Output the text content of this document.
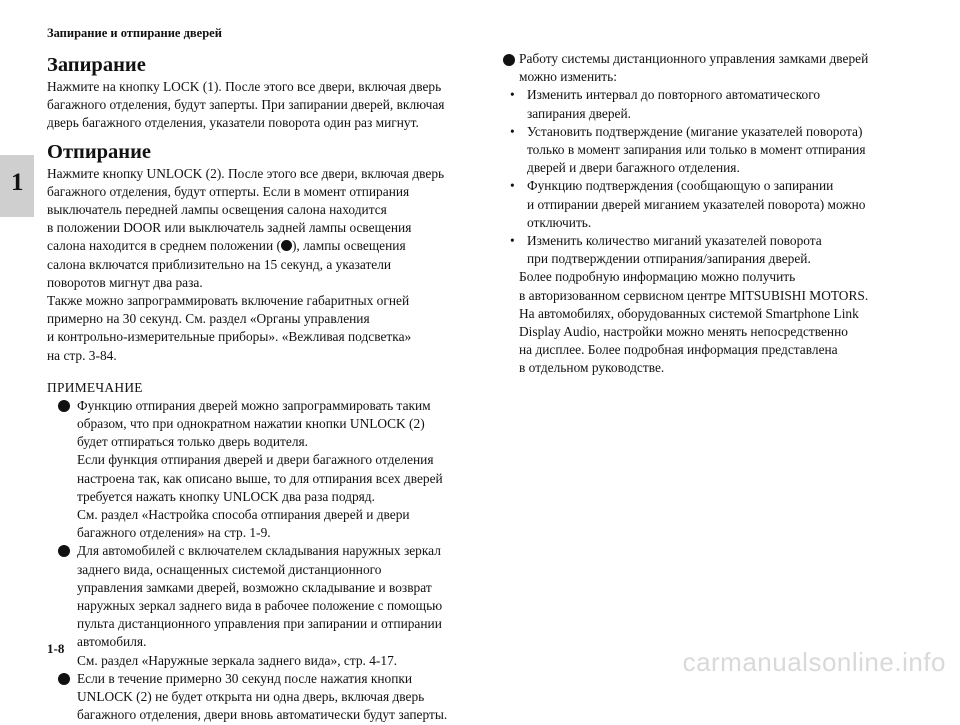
Запирание и отпирание дверей
1
Запирание

Нажмите на кнопку LOCK (1). После этого все двери, включая дверь
багажного отделения, будут заперты. При запирании дверей, включая
дверь багажного отделения, указатели поворота один раз мигнут.

Отпирание

Нажмите кнопку UNLOCK (2). После этого все двери, включая дверь
багажного отделения, будут отперты. Если в момент отпирания
выключатель передней лампы освещения салона находится
в положении DOOR или выключатель задней лампы освещения
салона находится в среднем положении ( ), лампы освещения
салона включатся приблизительно на 15 секунд, а указатели
поворотов мигнут два раза.
Также можно запрограммировать включение габаритных огней
примерно на 30 секунд. См. раздел «Органы управления
и контрольно-измерительные приборы». «Вежливая подсветка»
на стр. 3-84.

ПРИМЕЧАНИЕ

Функцию отпирания дверей можно запрограммировать таким
образом, что при однократном нажатии кнопки UNLOCK (2)
будет отпираться только дверь водителя.
Если функция отпирания дверей и двери багажного отделения
настроена так, как описано выше, то для отпирания всех дверей
требуется нажать кнопку UNLOCK два раза подряд.
См. раздел «Настройка способа отпирания дверей и двери
багажного отделения» на стр. 1-9.

Для автомобилей с включателем складывания наружных зеркал
заднего вида, оснащенных системой дистанционного
управления замками дверей, возможно складывание и возврат
наружных зеркал заднего вида в рабочее положение с помощью
пульта дистанционного управления при запирании и отпирании
автомобиля.
См. раздел «Наружные зеркала заднего вида», стр. 4-17.

Если в течение примерно 30 секунд после нажатия кнопки
UNLOCK (2) не будет открыта ни одна дверь, включая дверь
багажного отделения, двери вновь автоматически будут заперты.

Работу системы дистанционного управления замками дверей
можно изменить:

• Изменить интервал до повторного автоматического
запирания дверей.

• Установить подтверждение (мигание указателей поворота)
только в момент запирания или только в момент отпирания
дверей и двери багажного отделения.

• Функцию подтверждения (сообщающую о запирании
и отпирании дверей миганием указателей поворота) можно
отключить.

• Изменить количество миганий указателей поворота
при подтверждении отпирания/запирания дверей.

Более подробную информацию можно получить
в авторизованном сервисном центре MITSUBISHI MOTORS.
На автомобилях, оборудованных системой Smartphone Link
Display Audio, настройки можно менять непосредственно
на дисплее. Более подробная информация представлена
в отдельном руководстве.

1-8	carmanualsonline.info
